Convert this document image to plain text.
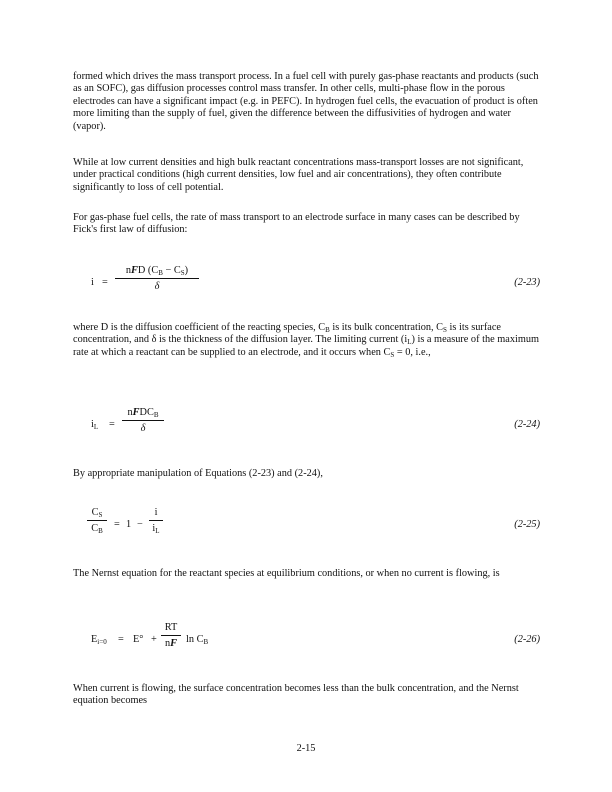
formed which drives the mass transport process. In a fuel cell with purely gas-phase reactants and products (such as an SOFC), gas diffusion processes control mass transfer. In other cells, multi-phase flow in the porous electrodes can have a significant impact (e.g. in PEFC). In hydrogen fuel cells, the evacuation of product is often more limiting than the supply of fuel, given the difference between the diffusivities of hydrogen and water (vapor).

While at low current densities and high bulk reactant concentrations mass-transport losses are not significant, under practical conditions (high current densities, low fuel and air concentrations), they often contribute significantly to loss of cell potential.

For gas-phase fuel cells, the rate of mass transport to an electrode surface in many cases can be described by Fick's first law of diffusion:

i =
nFD (CB − CS)
δ	(2-23)

where D is the diffusion coefficient of the reacting species, CB is its bulk concentration, CS is its surface concentration, and δ is the thickness of the diffusion layer. The limiting current (iL) is a measure of the maximum rate at which a reactant can be supplied to an electrode, and it occurs when CS = 0, i.e.,

iL =
nFDCB
δ	(2-24)

By appropriate manipulation of Equations (2-23) and (2-24),

CS
CB
= 1 −
i
iL
(2-25)

The Nernst equation for the reactant species at equilibrium conditions, or when no current is flowing, is

Ei=0 = E° +
RT
nF ln CB	(2-26)

When current is flowing, the surface concentration becomes less than the bulk concentration, and the Nernst equation becomes

2-15
